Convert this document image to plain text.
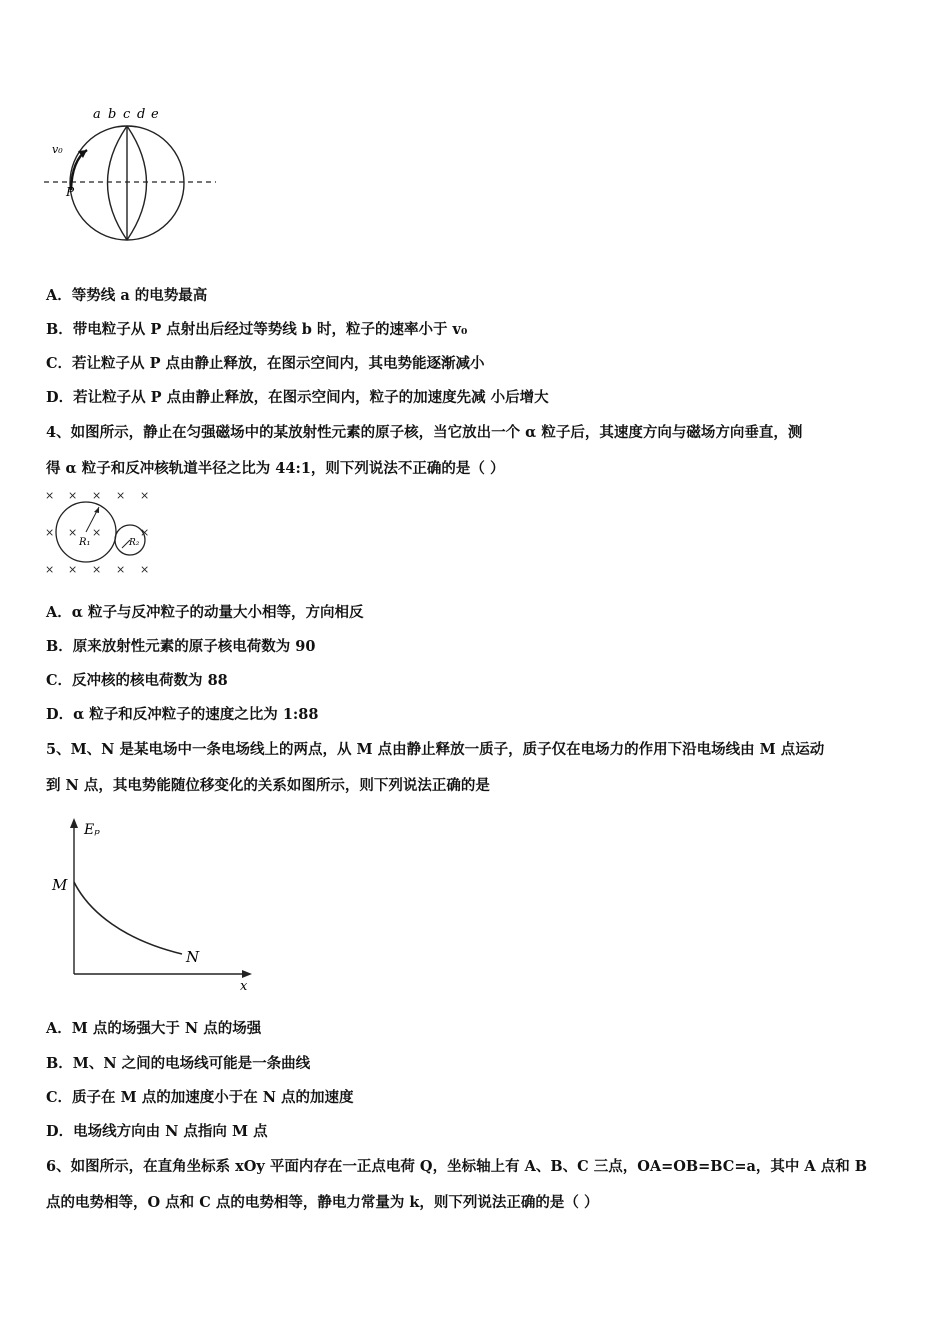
a b c d e
v₀
P
A．等势线 a 的电势最高
B．带电粒子从 P 点射出后经过等势线 b 时，粒子的速率小于 v₀
C．若让粒子从 P 点由静止释放，在图示空间内，其电势能逐渐减小
D．若让粒子从 P 点由静止释放，在图示空间内，粒子的加速度先减 小后增大
4、如图所示，静止在匀强磁场中的某放射性元素的原子核，当它放出一个 α 粒子后，其速度方向与磁场方向垂直，测
得 α 粒子和反冲核轨道半径之比为 44:1，则下列说法不正确的是（ ）
× × × × ×
× × ×	×
× × × × ×
R₁	R₂
A．α 粒子与反冲粒子的动量大小相等，方向相反
B．原来放射性元素的原子核电荷数为 90
C．反冲核的核电荷数为 88
D．α 粒子和反冲粒子的速度之比为 1:88
5、M、N 是某电场中一条电场线上的两点，从 M 点由静止释放一质子，质子仅在电场力的作用下沿电场线由 M 点运动
到 N 点，其电势能随位移变化的关系如图所示，则下列说法正确的是
Eₚ
x
M
N
A．M 点的场强大于 N 点的场强
B．M、N 之间的电场线可能是一条曲线
C．质子在 M 点的加速度小于在 N 点的加速度
D．电场线方向由 N 点指向 M 点
6、如图所示，在直角坐标系 xOy 平面内存在一正点电荷 Q，坐标轴上有 A、B、C 三点，OA=OB=BC=a，其中 A 点和 B
点的电势相等，O 点和 C 点的电势相等，静电力常量为 k，则下列说法正确的是（ ）
